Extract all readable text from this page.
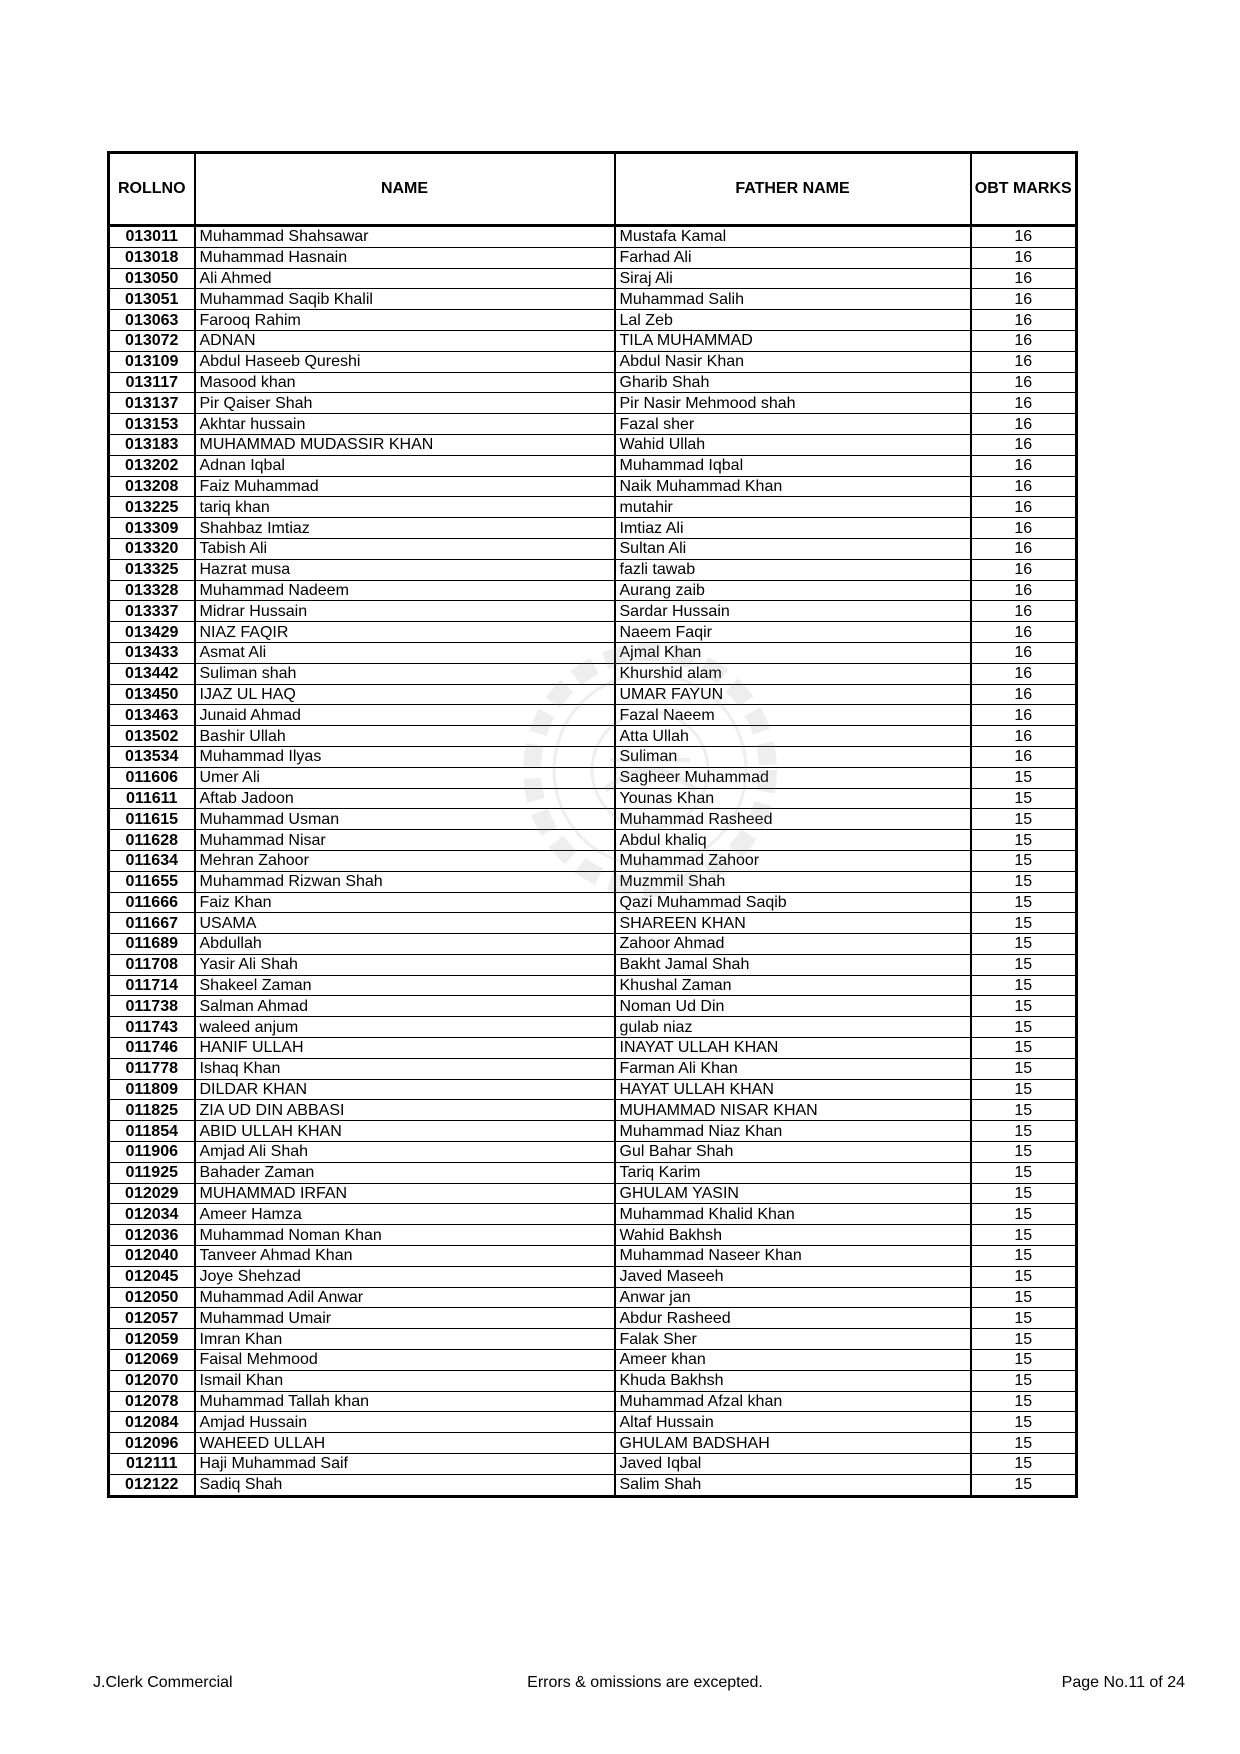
ROLLNO	NAME	FATHER NAME	OBT MARKS
013011	Muhammad Shahsawar	Mustafa Kamal	16
013018	Muhammad Hasnain	Farhad Ali	16
013050	Ali Ahmed	Siraj Ali	16
013051	Muhammad Saqib Khalil	Muhammad Salih	16
013063	Farooq Rahim	Lal Zeb	16
013072	ADNAN	TILA MUHAMMAD	16
013109	Abdul Haseeb Qureshi	Abdul Nasir Khan	16
013117	Masood khan	Gharib Shah	16
013137	Pir Qaiser Shah	Pir Nasir Mehmood shah	16
013153	Akhtar hussain	Fazal sher	16
013183	MUHAMMAD MUDASSIR KHAN	Wahid Ullah	16
013202	Adnan Iqbal	Muhammad Iqbal	16
013208	Faiz Muhammad	Naik Muhammad Khan	16
013225	tariq khan	mutahir	16
013309	Shahbaz Imtiaz	Imtiaz Ali	16
013320	Tabish Ali	Sultan Ali	16
013325	Hazrat musa	fazli tawab	16
013328	Muhammad Nadeem	Aurang zaib	16
013337	Midrar Hussain	Sardar Hussain	16
013429	NIAZ FAQIR	Naeem Faqir	16
013433	Asmat Ali	Ajmal Khan	16
013442	Suliman shah	Khurshid alam	16
013450	IJAZ UL HAQ	UMAR FAYUN	16
013463	Junaid Ahmad	Fazal Naeem	16
013502	Bashir Ullah	Atta Ullah	16
013534	Muhammad Ilyas	Suliman	16
011606	Umer Ali	Sagheer Muhammad	15
011611	Aftab Jadoon	Younas Khan	15
011615	Muhammad Usman	Muhammad Rasheed	15
011628	Muhammad Nisar	Abdul khaliq	15
011634	Mehran Zahoor	Muhammad Zahoor	15
011655	Muhammad Rizwan Shah	Muzmmil Shah	15
011666	Faiz Khan	Qazi Muhammad Saqib	15
011667	USAMA	SHAREEN KHAN	15
011689	Abdullah	Zahoor Ahmad	15
011708	Yasir Ali Shah	Bakht Jamal Shah	15
011714	Shakeel Zaman	Khushal Zaman	15
011738	Salman Ahmad	Noman Ud Din	15
011743	waleed anjum	gulab niaz	15
011746	HANIF ULLAH	INAYAT ULLAH KHAN	15
011778	Ishaq Khan	Farman Ali Khan	15
011809	DILDAR KHAN	HAYAT ULLAH KHAN	15
011825	ZIA UD DIN ABBASI	MUHAMMAD NISAR KHAN	15
011854	ABID ULLAH KHAN	Muhammad Niaz Khan	15
011906	Amjad Ali Shah	Gul Bahar Shah	15
011925	Bahader Zaman	Tariq Karim	15
012029	MUHAMMAD IRFAN	GHULAM YASIN	15
012034	Ameer Hamza	Muhammad Khalid Khan	15
012036	Muhammad Noman Khan	Wahid Bakhsh	15
012040	Tanveer Ahmad Khan	Muhammad Naseer Khan	15
012045	Joye Shehzad	Javed Maseeh	15
012050	Muhammad Adil Anwar	Anwar jan	15
012057	Muhammad Umair	Abdur Rasheed	15
012059	Imran Khan	Falak Sher	15
012069	Faisal Mehmood	Ameer khan	15
012070	Ismail Khan	Khuda Bakhsh	15
012078	Muhammad Tallah khan	Muhammad Afzal khan	15
012084	Amjad Hussain	Altaf Hussain	15
012096	WAHEED ULLAH	GHULAM BADSHAH	15
012111	Haji Muhammad Saif	Javed Iqbal	15
012122	Sadiq Shah	Salim Shah	15
J.Clerk Commercial	Errors & omissions are excepted.	Page No.11 of 24
